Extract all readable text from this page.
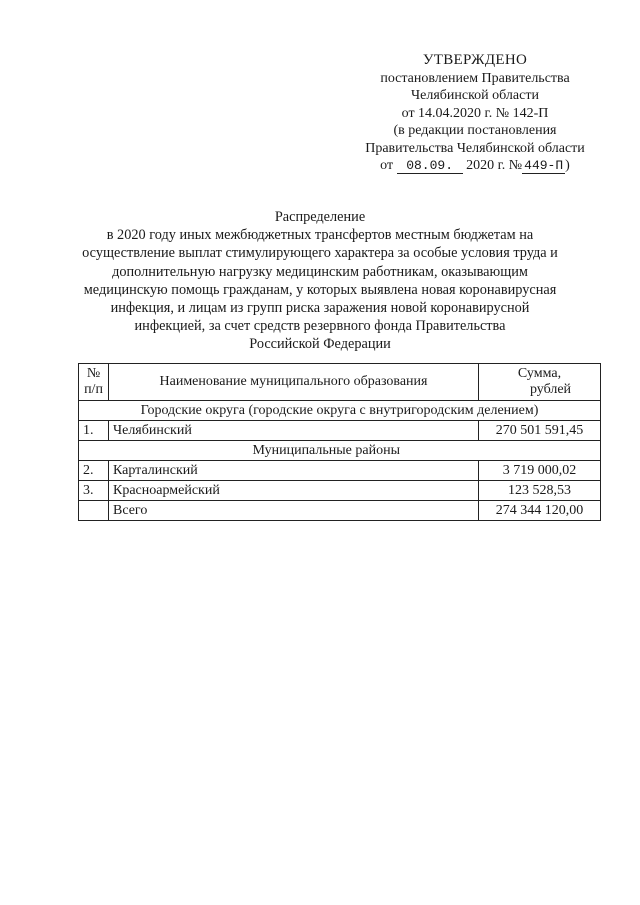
УТВЕРЖДЕНО
постановлением Правительства
Челябинской области
от 14.04.2020 г. № 142-П
(в редакции постановления
Правительства Челябинской области
от 08.09. 2020 г. № 449-П )
Распределение
в 2020 году иных межбюджетных трансфертов местным бюджетам на
осуществление выплат стимулирующего характера за особые условия труда и
дополнительную нагрузку медицинским работникам, оказывающим
медицинскую помощь гражданам, у которых выявлена новая коронавирусная
инфекция, и лицам из групп риска заражения новой коронавирусной
инфекцией, за счет средств резервного фонда Правительства
Российской Федерации
№
п/п	Наименование муниципального образования	Сумма,
рублей
Городские округа (городские округа с внутригородским делением)		
1.	Челябинский	270 501 591,45
	Муниципальные районы	
2.	Карталинский	3 719 000,02
3.	Красноармейский	123 528,53
	Всего	274 344 120,00
